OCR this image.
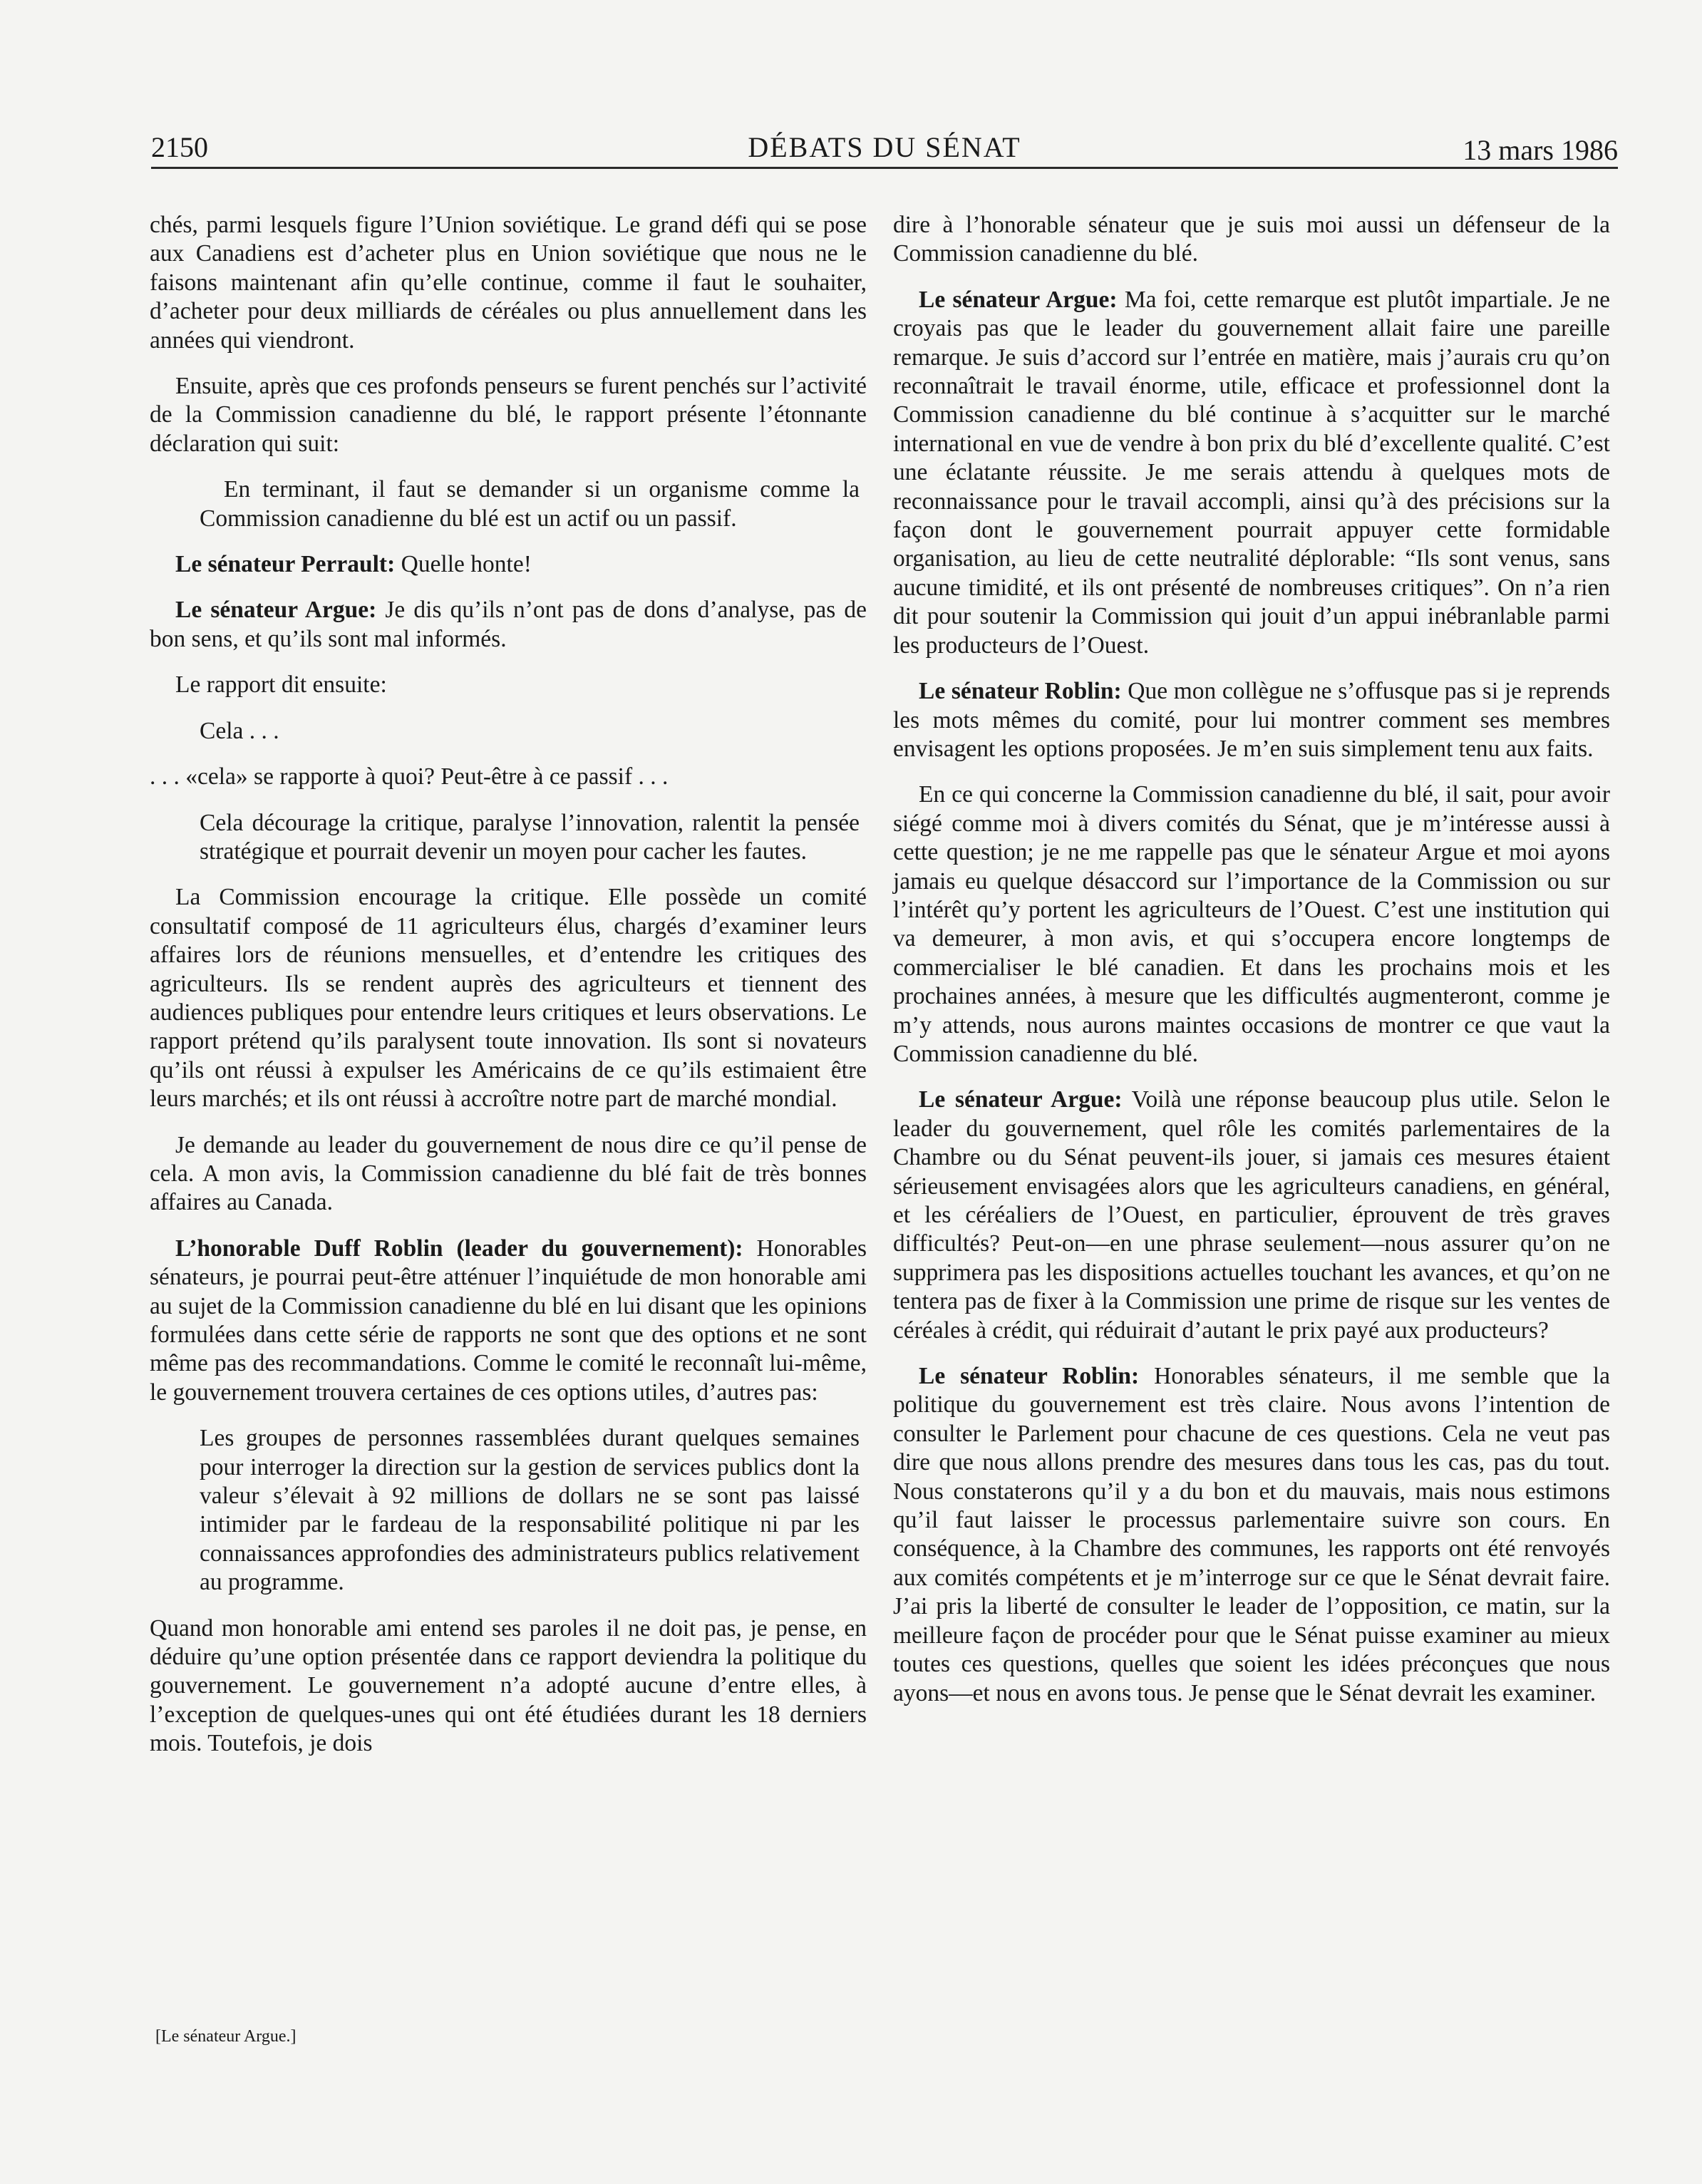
2150	DÉBATS DU SÉNAT	13 mars 1986

chés, parmi lesquels figure l’Union soviétique. Le grand défi qui se pose aux Canadiens est d’acheter plus en Union soviétique que nous ne le faisons maintenant afin qu’elle continue, comme il faut le souhaiter, d’acheter pour deux milliards de céréales ou plus annuellement dans les années qui viendront.

Ensuite, après que ces profonds penseurs se furent penchés sur l’activité de la Commission canadienne du blé, le rapport présente l’étonnante déclaration qui suit:

En terminant, il faut se demander si un organisme comme la Commission canadienne du blé est un actif ou un passif.

Le sénateur Perrault: Quelle honte!

Le sénateur Argue: Je dis qu’ils n’ont pas de dons d’analyse, pas de bon sens, et qu’ils sont mal informés.

Le rapport dit ensuite:

Cela . . .

. . . «cela» se rapporte à quoi? Peut-être à ce passif . . .

Cela décourage la critique, paralyse l’innovation, ralentit la pensée stratégique et pourrait devenir un moyen pour cacher les fautes.

La Commission encourage la critique. Elle possède un comité consultatif composé de 11 agriculteurs élus, chargés d’examiner leurs affaires lors de réunions mensuelles, et d’entendre les critiques des agriculteurs. Ils se rendent auprès des agriculteurs et tiennent des audiences publiques pour entendre leurs critiques et leurs observations. Le rapport prétend qu’ils paralysent toute innovation. Ils sont si novateurs qu’ils ont réussi à expulser les Américains de ce qu’ils estimaient être leurs marchés; et ils ont réussi à accroître notre part de marché mondial.

Je demande au leader du gouvernement de nous dire ce qu’il pense de cela. A mon avis, la Commission canadienne du blé fait de très bonnes affaires au Canada.

L’honorable Duff Roblin (leader du gouvernement): Honorables sénateurs, je pourrai peut-être atténuer l’inquiétude de mon honorable ami au sujet de la Commission canadienne du blé en lui disant que les opinions formulées dans cette série de rapports ne sont que des options et ne sont même pas des recommandations. Comme le comité le reconnaît lui-même, le gouvernement trouvera certaines de ces options utiles, d’autres pas:

Les groupes de personnes rassemblées durant quelques semaines pour interroger la direction sur la gestion de services publics dont la valeur s’élevait à 92 millions de dollars ne se sont pas laissé intimider par le fardeau de la responsabilité politique ni par les connaissances approfondies des administrateurs publics relativement au programme.

Quand mon honorable ami entend ses paroles il ne doit pas, je pense, en déduire qu’une option présentée dans ce rapport deviendra la politique du gouvernement. Le gouvernement n’a adopté aucune d’entre elles, à l’exception de quelques-unes qui ont été étudiées durant les 18 derniers mois. Toutefois, je dois

dire à l’honorable sénateur que je suis moi aussi un défenseur de la Commission canadienne du blé.

Le sénateur Argue: Ma foi, cette remarque est plutôt impartiale. Je ne croyais pas que le leader du gouvernement allait faire une pareille remarque. Je suis d’accord sur l’entrée en matière, mais j’aurais cru qu’on reconnaîtrait le travail énorme, utile, efficace et professionnel dont la Commission canadienne du blé continue à s’acquitter sur le marché international en vue de vendre à bon prix du blé d’excellente qualité. C’est une éclatante réussite. Je me serais attendu à quelques mots de reconnaissance pour le travail accompli, ainsi qu’à des précisions sur la façon dont le gouvernement pourrait appuyer cette formidable organisation, au lieu de cette neutralité déplorable: “Ils sont venus, sans aucune timidité, et ils ont présenté de nombreuses critiques”. On n’a rien dit pour soutenir la Commission qui jouit d’un appui inébranlable parmi les producteurs de l’Ouest.

Le sénateur Roblin: Que mon collègue ne s’offusque pas si je reprends les mots mêmes du comité, pour lui montrer comment ses membres envisagent les options proposées. Je m’en suis simplement tenu aux faits.

En ce qui concerne la Commission canadienne du blé, il sait, pour avoir siégé comme moi à divers comités du Sénat, que je m’intéresse aussi à cette question; je ne me rappelle pas que le sénateur Argue et moi ayons jamais eu quelque désaccord sur l’importance de la Commission ou sur l’intérêt qu’y portent les agriculteurs de l’Ouest. C’est une institution qui va demeurer, à mon avis, et qui s’occupera encore longtemps de commercialiser le blé canadien. Et dans les prochains mois et les prochaines années, à mesure que les difficultés augmenteront, comme je m’y attends, nous aurons maintes occasions de montrer ce que vaut la Commission canadienne du blé.

Le sénateur Argue: Voilà une réponse beaucoup plus utile. Selon le leader du gouvernement, quel rôle les comités parlementaires de la Chambre ou du Sénat peuvent-ils jouer, si jamais ces mesures étaient sérieusement envisagées alors que les agriculteurs canadiens, en général, et les céréaliers de l’Ouest, en particulier, éprouvent de très graves difficultés? Peut-on—en une phrase seulement—nous assurer qu’on ne supprimera pas les dispositions actuelles touchant les avances, et qu’on ne tentera pas de fixer à la Commission une prime de risque sur les ventes de céréales à crédit, qui réduirait d’autant le prix payé aux producteurs?

Le sénateur Roblin: Honorables sénateurs, il me semble que la politique du gouvernement est très claire. Nous avons l’intention de consulter le Parlement pour chacune de ces questions. Cela ne veut pas dire que nous allons prendre des mesures dans tous les cas, pas du tout. Nous constaterons qu’il y a du bon et du mauvais, mais nous estimons qu’il faut laisser le processus parlementaire suivre son cours. En conséquence, à la Chambre des communes, les rapports ont été renvoyés aux comités compétents et je m’interroge sur ce que le Sénat devrait faire. J’ai pris la liberté de consulter le leader de l’opposition, ce matin, sur la meilleure façon de procéder pour que le Sénat puisse examiner au mieux toutes ces questions, quelles que soient les idées préconçues que nous ayons—et nous en avons tous. Je pense que le Sénat devrait les examiner.

[Le sénateur Argue.]
